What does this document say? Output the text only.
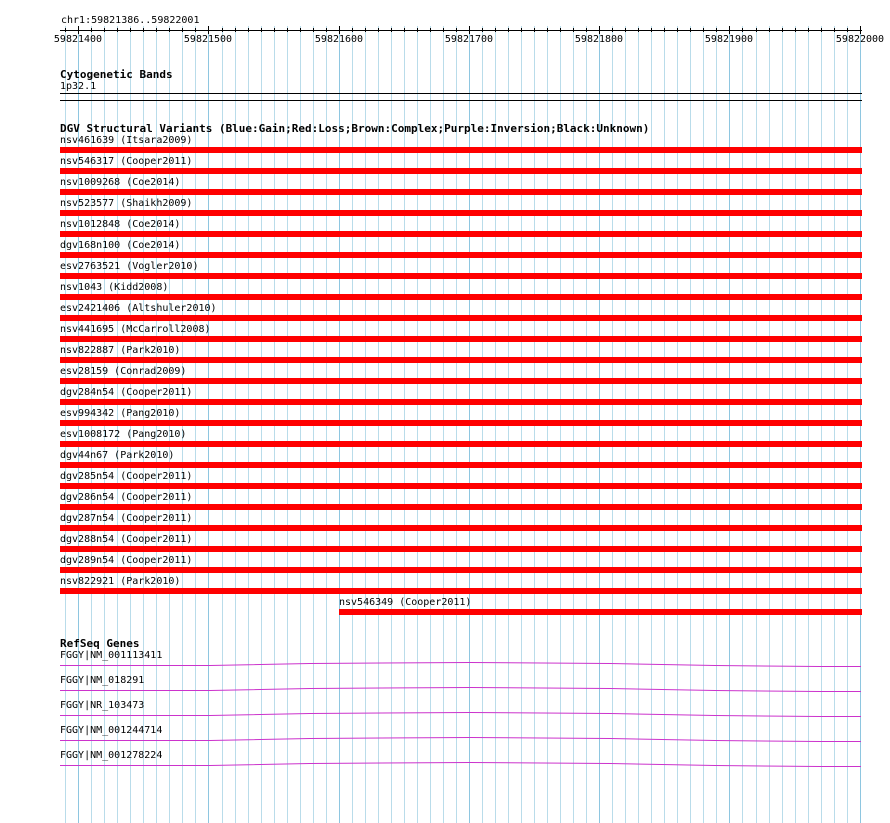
chr1:59821386..59822001
59821400	59821500	59821600	59821700	59821800	59821900	59822000
Cytogenetic Bands
1p32.1
DGV Structural Variants (Blue:Gain;Red:Loss;Brown:Complex;Purple:Inversion;Black:Unknown)
nsv461639 (Itsara2009)
nsv546317 (Cooper2011)
nsv1009268 (Coe2014)
nsv523577 (Shaikh2009)
nsv1012848 (Coe2014)
dgv168n100 (Coe2014)
esv2763521 (Vogler2010)
nsv1043 (Kidd2008)
esv2421406 (Altshuler2010)
nsv441695 (McCarroll2008)
nsv822887 (Park2010)
esv28159 (Conrad2009)
dgv284n54 (Cooper2011)
esv994342 (Pang2010)
esv1008172 (Pang2010)
dgv44n67 (Park2010)
dgv285n54 (Cooper2011)
dgv286n54 (Cooper2011)
dgv287n54 (Cooper2011)
dgv288n54 (Cooper2011)
dgv289n54 (Cooper2011)
nsv822921 (Park2010)
nsv546349 (Cooper2011)
RefSeq Genes
FGGY|NM_001113411
FGGY|NM_018291
FGGY|NR_103473
FGGY|NM_001244714
FGGY|NM_001278224
